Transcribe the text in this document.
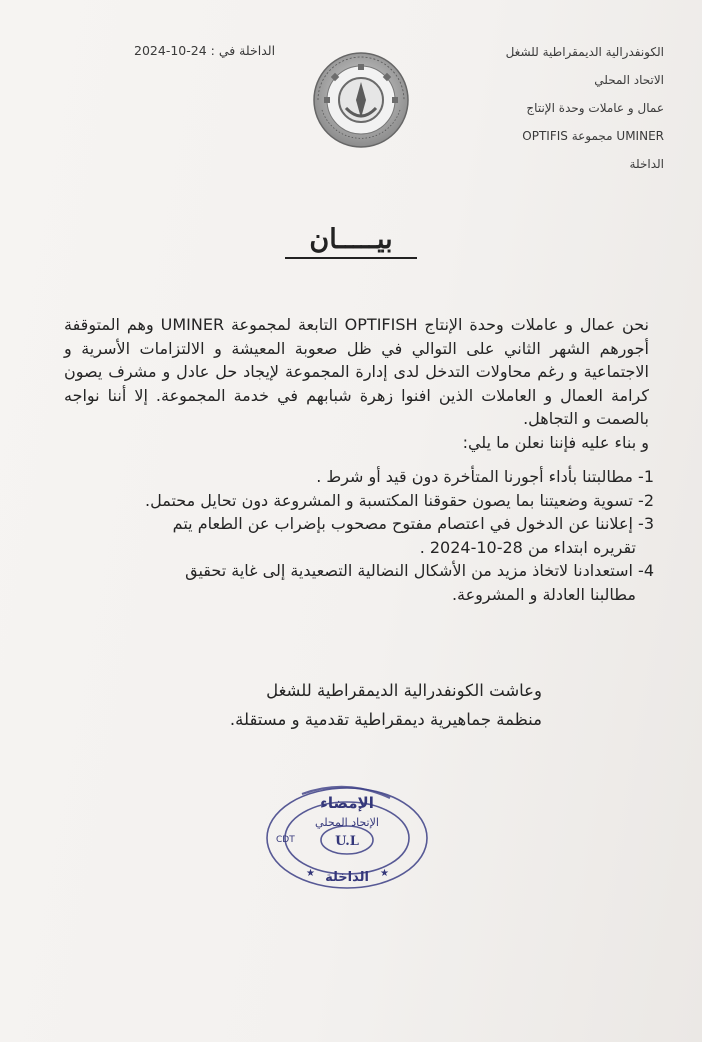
الكونفدرالية الديمقراطية للشغل
الاتحاد المحلي
عمال و عاملات وحدة الإنتاج
UMINER مجموعة OPTIFIS
الداخلة
الداخلة في : 24-10-2024
بيـــــان

نحن عمال و عاملات وحدة الإنتاج OPTIFISH التابعة لمجموعة UMINER وهم المتوقفة أجورهم الشهر الثاني على التوالي في ظل صعوبة المعيشة و الالتزامات الأسرية و الاجتماعية و رغم محاولات التدخل لدى إدارة المجموعة لإيجاد حل عادل و مشرف يصون كرامة العمال و العاملات الذين افنوا زهرة شبابهم في خدمة المجموعة. إلا أننا نواجه بالصمت و التجاهل.

و بناء عليه فإننا نعلن ما يلي:

1- مطالبتنا بأداء أجورنا المتأخرة دون قيد أو شرط .
2- تسوية وضعيتنا بما يصون حقوقنا المكتسبة و المشروعة دون تحايل محتمل.
3- إعلاننا عن الدخول في اعتصام مفتوح مصحوب بإضراب عن الطعام يتم
تقريره ابتداء من 28-10-2024 .
4- استعدادنا لاتخاذ مزيد من الأشكال النضالية التصعيدية إلى غاية تحقيق
مطالبنا العادلة و المشروعة.
وعاشت الكونفدرالية الديمقراطية للشغل
منظمة جماهيرية ديمقراطية تقدمية و مستقلة.
الإمضاء
الإتحاد المحلي
U.L
الداخلة
CDT
★	★
